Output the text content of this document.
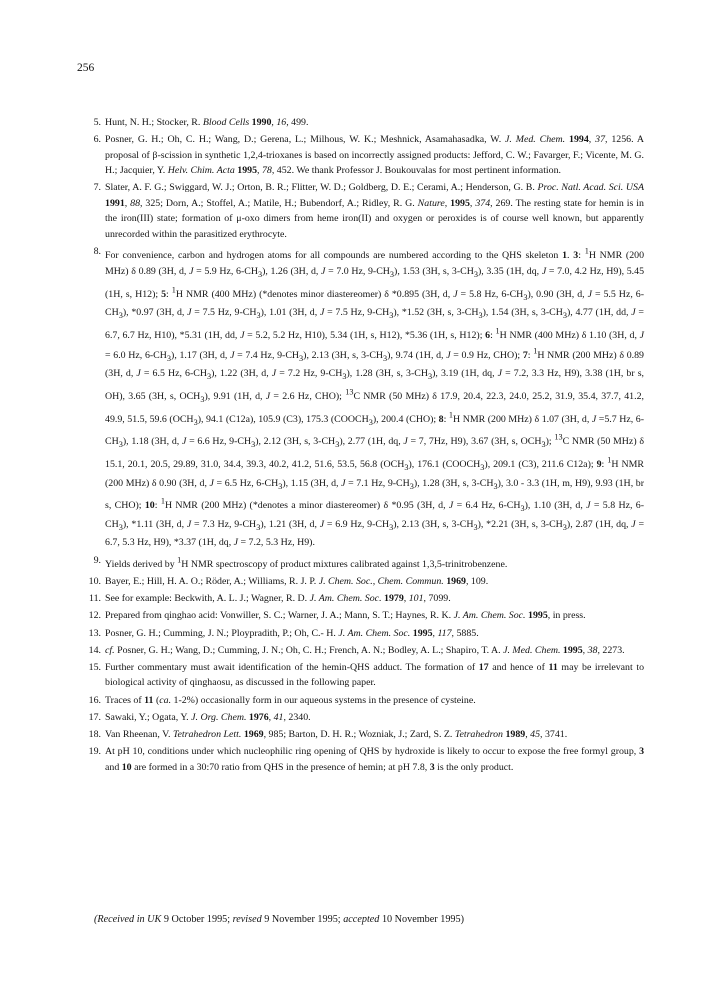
256
5. Hunt, N. H.; Stocker, R. Blood Cells 1990, 16, 499.
6. Posner, G. H.; Oh, C. H.; Wang, D.; Gerena, L.; Milhous, W. K.; Meshnick, Asamahasadka, W. J. Med. Chem. 1994, 37, 1256. A proposal of β-scission in synthetic 1,2,4-trioxanes is based on incorrectly assigned products: Jefford, C. W.; Favarger, F.; Vicente, M. G. H.; Jacquier, Y. Helv. Chim. Acta 1995, 78, 452. We thank Professor J. Boukouvalas for most pertinent information.
7. Slater, A. F. G.; Swiggard, W. J.; Orton, B. R.; Flitter, W. D.; Goldberg, D. E.; Cerami, A.; Henderson, G. B. Proc. Natl. Acad. Sci. USA 1991, 88, 325; Dorn, A.; Stoffel, A.; Matile, H.; Bubendorf, A.; Ridley, R. G. Nature, 1995, 374, 269. The resting state for hemin is in the iron(III) state; formation of μ-oxo dimers from heme iron(II) and oxygen or peroxides is of course well known, but apparently unrecorded within the parasitized erythrocyte.
8. For convenience, carbon and hydrogen atoms for all compounds are numbered according to the QHS skeleton 1. 3: $^1$H NMR (200 MHz) δ 0.89 (3H, d, J = 5.9 Hz, $6-CH_3$), 1.26 (3H, d, J = 7.0 Hz, $9-CH_3$), 1.53 (3H, s, $3-CH_3$), 3.35 (1H, dq, J = 7.0, 4.2 Hz, H9), 5.45 (1H, s, H12); 5: $^1$H NMR (400 MHz) (*denotes minor diastereomer) δ *0.895 (3H, d, J = 5.8 Hz, $6-CH_3$), 0.90 (3H, d, J = 5.5 Hz, $6-CH_3$), *0.97 (3H, d, J = 7.5 Hz, $9-CH_3$), 1.01 (3H, d, J = 7.5 Hz, $9-CH_3$), *1.52 (3H, s, $3-CH_3$), 1.54 (3H, s, $3-CH_3$), 4.77 (1H, dd, J = 6.7, 6.7 Hz, H10), *5.31 (1H, dd, J = 5.2, 5.2 Hz, H10), 5.34 (1H, s, H12), *5.36 (1H, s, H12); 6: $^1$H NMR (400 MHz) δ 1.10 (3H, d, J = 6.0 Hz, $6-CH_3$), 1.17 (3H, d, J = 7.4 Hz, $9-CH_3$), 2.13 (3H, s, $3-CH_3$), 9.74 (1H, d, J = 0.9 Hz, CHO); 7: $^1$H NMR (200 MHz) δ 0.89 (3H, d, J = 6.5 Hz, $6-CH_3$), 1.22 (3H, d, J = 7.2 Hz, $9-CH_3$), 1.28 (3H, s, $3-CH_3$), 3.19 (1H, dq, J = 7.2, 3.3 Hz, H9), 3.38 (1H, br s, OH), 3.65 (3H, s, $OCH_3$), 9.91 (1H, d, J = 2.6 Hz, CHO); $^{13}$C NMR (50 MHz) δ 17.9, 20.4, 22.3, 24.0, 25.2, 31.9, 35.4, 37.7, 41.2, 49.9, 51.5, 59.6 $(OCH_3)$, 94.1 (C12a), 105.9 (C3), 175.3 $(COOCH_3)$, 200.4 (CHO); 8: $^1$H NMR (200 MHz) δ 1.07 (3H, d, J =5.7 Hz, $6-CH_3$), 1.18 (3H, d, J = 6.6 Hz, $9-CH_3$), 2.12 (3H, s, $3-CH_3$), 2.77 (1H, dq, J = 7, 7Hz, H9), 3.67 (3H, s, $OCH_3$); $^{13}$C NMR (50 MHz) δ 15.1, 20.1, 20.5, 29.89, 31.0, 34.4, 39.3, 40.2, 41.2, 51.6, 53.5, 56.8 $(OCH_3)$, 176.1 $(COOCH_3)$, 209.1 (C3), 211.6 C12a); 9: $^1$H NMR (200 MHz) δ 0.90 (3H, d, J = 6.5 Hz, $6-CH_3$), 1.15 (3H, d, J = 7.1 Hz, $9-CH_3$), 1.28 (3H, s, $3-CH_3$), 3.0 - 3.3 (1H, m, H9), 9.93 (1H, br s, CHO); 10: $^1$H NMR (200 MHz) (*denotes a minor diastereomer) δ *0.95 (3H, d, J = 6.4 Hz, $6-CH_3$), 1.10 (3H, d, J = 5.8 Hz, $6-CH_3$), *1.11 (3H, d, J = 7.3 Hz, $9-CH_3$), 1.21 (3H, d, J = 6.9 Hz, $9-CH_3$), 2.13 (3H, s, $3-CH_3$), *2.21 (3H, s, $3-CH_3$), 2.87 (1H, dq, J = 6.7, 5.3 Hz, H9), *3.37 (1H, dq, J = 7.2, 5.3 Hz, H9).
9. Yields derived by $^1$H NMR spectroscopy of product mixtures calibrated against 1,3,5-trinitrobenzene.
10. Bayer, E.; Hill, H. A. O.; Röder, A.; Williams, R. J. P. J. Chem. Soc., Chem. Commun. 1969, 109.
11. See for example: Beckwith, A. L. J.; Wagner, R. D. J. Am. Chem. Soc. 1979, 101, 7099.
12. Prepared from qinghao acid: Vonwiller, S. C.; Warner, J. A.; Mann, S. T.; Haynes, R. K. J. Am. Chem. Soc. 1995, in press.
13. Posner, G. H.; Cumming, J. N.; Ploypradith, P.; Oh, C.- H. J. Am. Chem. Soc. 1995, 117, 5885.
14. cf. Posner, G. H.; Wang, D.; Cumming, J. N.; Oh, C. H.; French, A. N.; Bodley, A. L.; Shapiro, T. A. J. Med. Chem. 1995, 38, 2273.
15. Further commentary must await identification of the hemin-QHS adduct. The formation of 17 and hence of 11 may be irrelevant to biological activity of qinghaosu, as discussed in the following paper.
16. Traces of 11 (ca. 1-2%) occasionally form in our aqueous systems in the presence of cysteine.
17. Sawaki, Y.; Ogata, Y. J. Org. Chem. 1976, 41, 2340.
18. Van Rheenan, V. Tetrahedron Lett. 1969, 985; Barton, D. H. R.; Wozniak, J.; Zard, S. Z. Tetrahedron 1989, 45, 3741.
19. At pH 10, conditions under which nucleophilic ring opening of QHS by hydroxide is likely to occur to expose the free formyl group, 3 and 10 are formed in a 30:70 ratio from QHS in the presence of hemin; at pH 7.8, 3 is the only product.
(Received in UK 9 October 1995; revised 9 November 1995; accepted 10 November 1995)
